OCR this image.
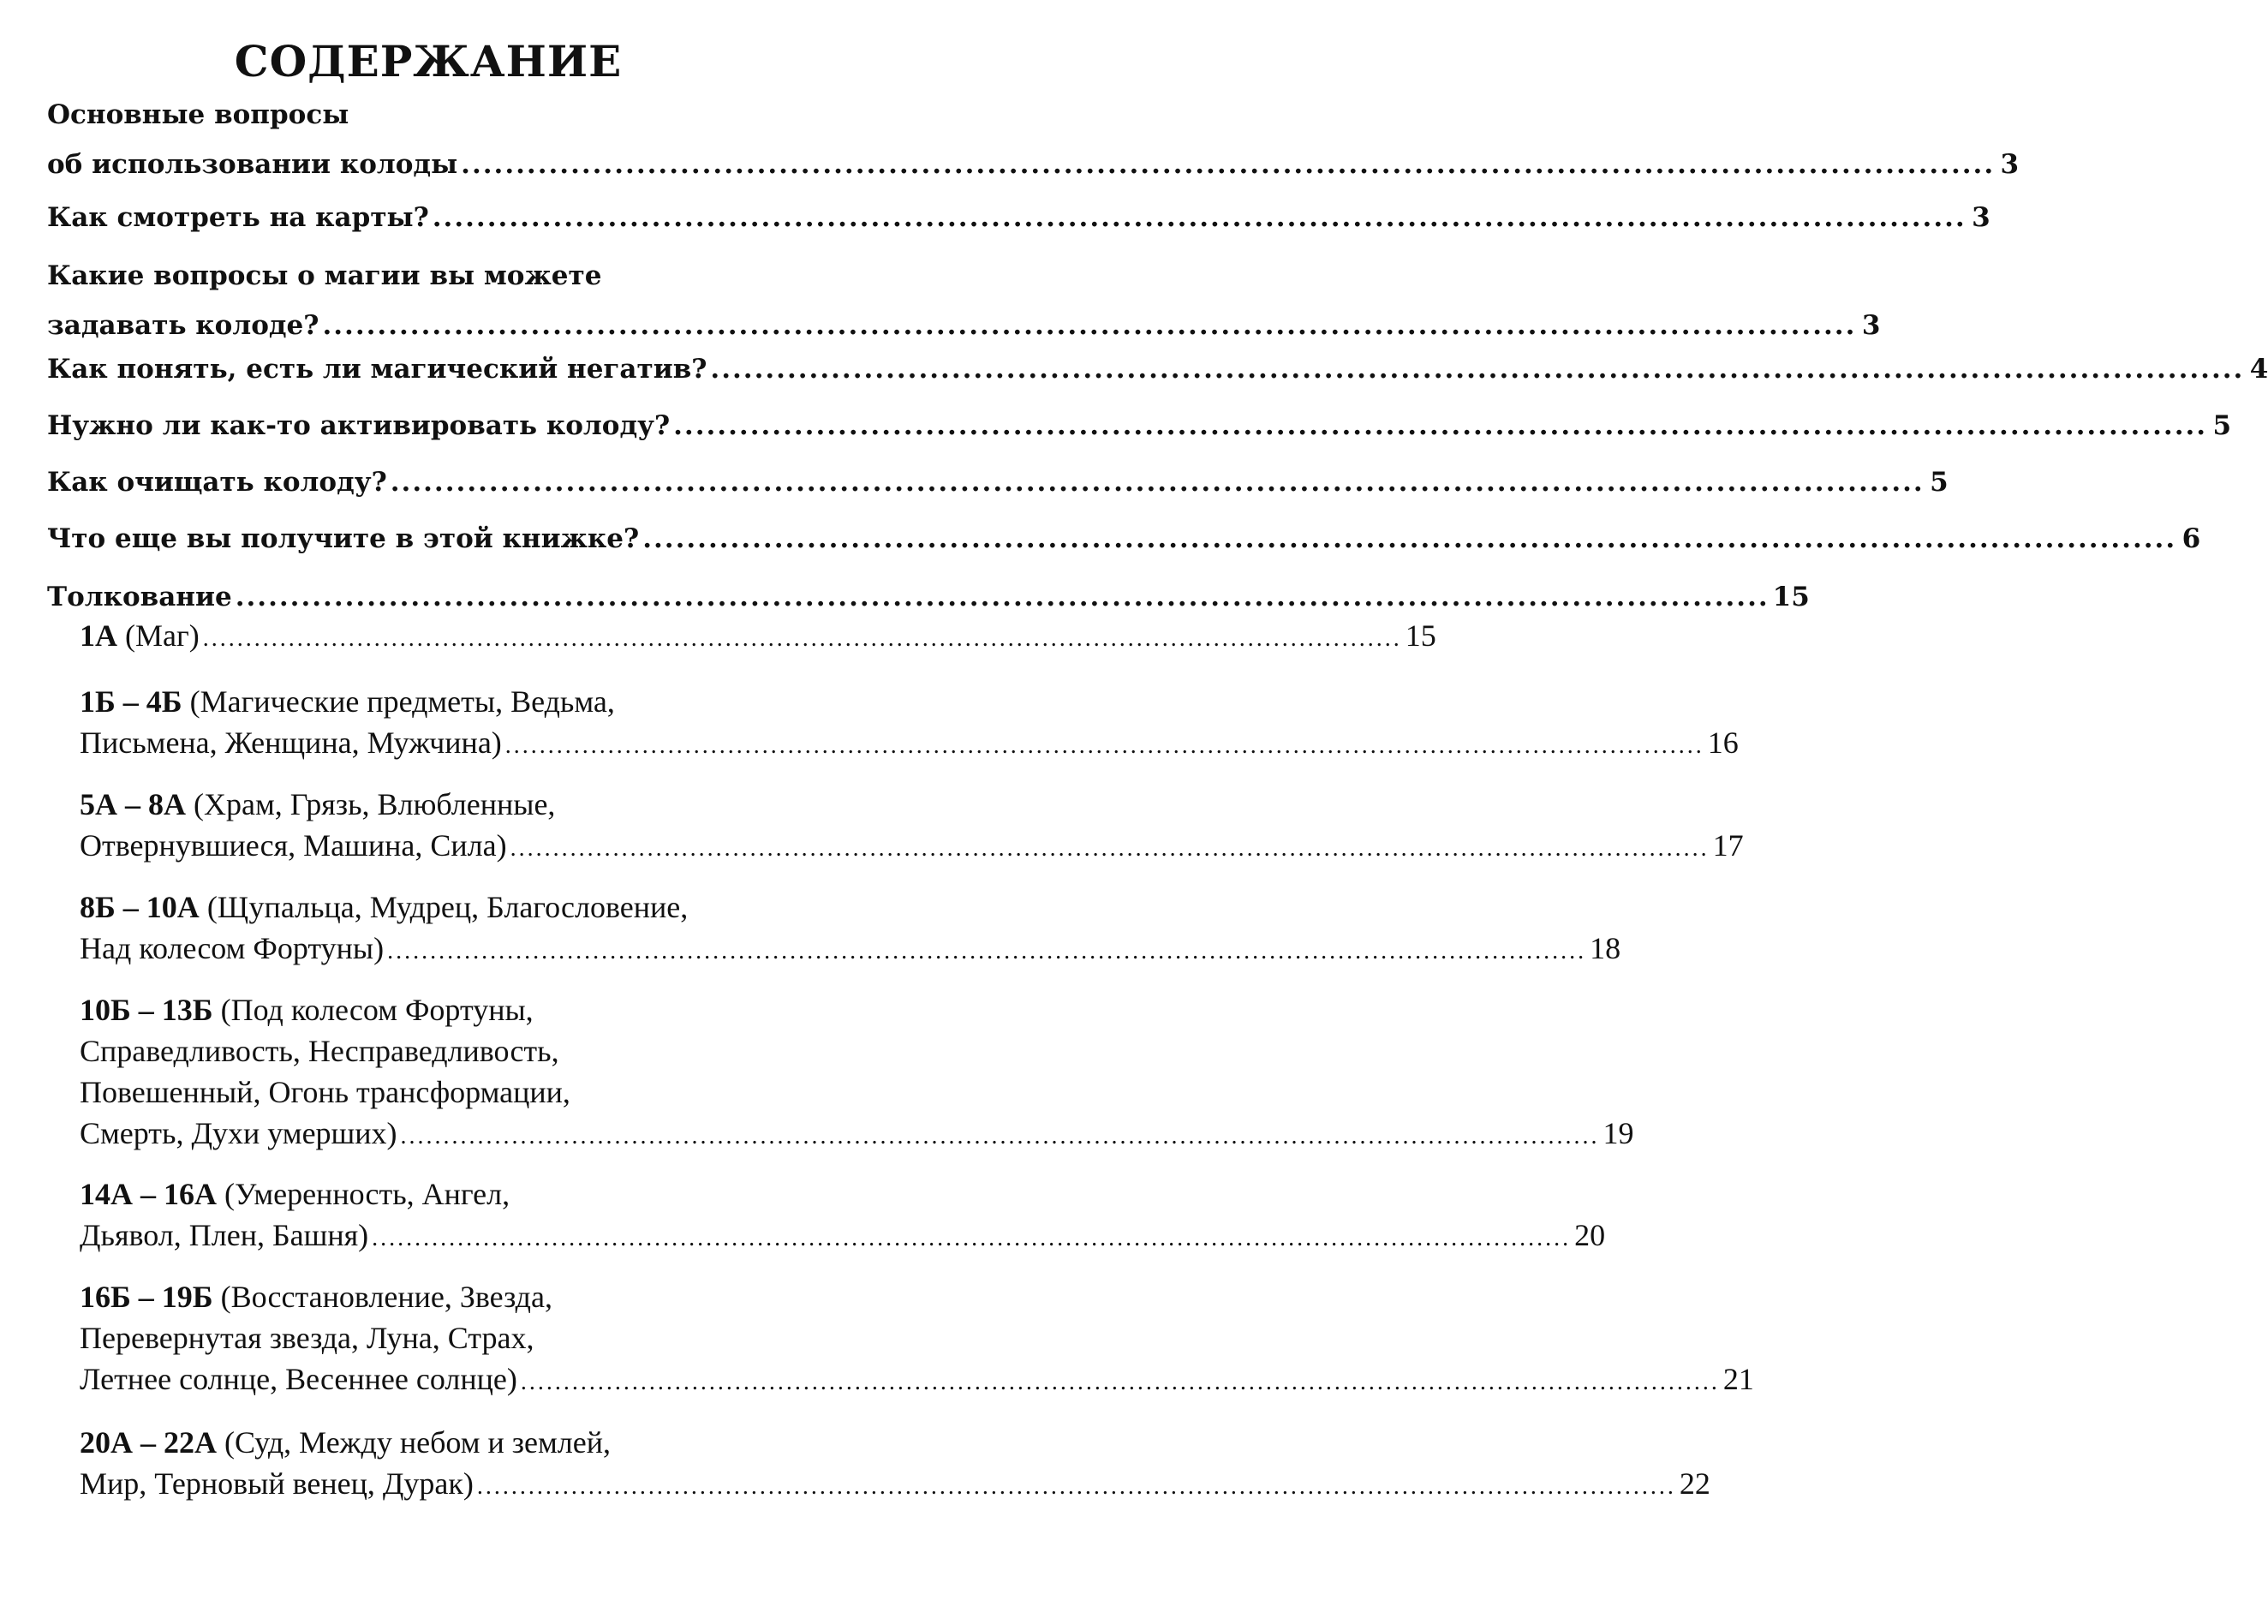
СОДЕРЖАНИЕ
Основные вопросы
об использовании колоды ............................................................................................................................................ 3
Как смотреть на карты? ............................................................................................................................................ 3
Какие вопросы о магии вы можете
задавать колоде? ............................................................................................................................................ 3
Как понять, есть ли магический негатив? ............................................................................................................................................ 4
Нужно ли как-то активировать колоду? ............................................................................................................................................ 5
Как очищать колоду? ............................................................................................................................................ 5
Что еще вы получите в этой книжке? ............................................................................................................................................ 6
Толкование ............................................................................................................................................ 15
1А (Маг) ............................................................................................................................................ 15
1Б – 4Б (Магические предметы, Ведьма,
Письмена, Женщина, Мужчина) ............................................................................................................................................ 16
5А – 8А (Храм, Грязь, Влюбленные,
Отвернувшиеся, Машина, Сила) ............................................................................................................................................ 17
8Б – 10А (Щупальца, Мудрец, Благословение,
Над колесом Фортуны) ............................................................................................................................................ 18
10Б – 13Б (Под колесом Фортуны,
Справедливость, Несправедливость,
Повешенный, Огонь трансформации,
Смерть, Духи умерших) ............................................................................................................................................ 19
14А – 16А (Умеренность, Ангел,
Дьявол, Плен, Башня) ............................................................................................................................................ 20
16Б – 19Б (Восстановление, Звезда,
Перевернутая звезда, Луна, Страх,
Летнее солнце, Весеннее солнце) ............................................................................................................................................ 21
20А – 22А (Суд, Между небом и землей,
Мир, Терновый венец, Дурак) ............................................................................................................................................ 22
